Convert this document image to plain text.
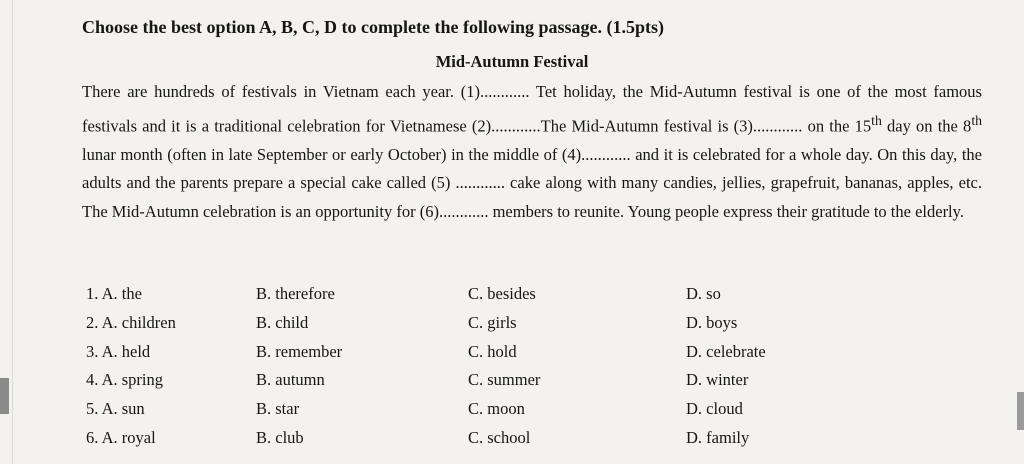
Choose the best option A, B, C, D to complete the following passage. (1.5pts)
Mid-Autumn Festival
There are hundreds of festivals in Vietnam each year. (1)............ Tet holiday, the Mid-Autumn festival is one of the most famous festivals and it is a traditional celebration for Vietnamese (2)............The Mid-Autumn festival is (3)............ on the 15th day on the 8th lunar month (often in late September or early October) in the middle of (4)............ and it is celebrated for a whole day. On this day, the adults and the parents prepare a special cake called (5) ............ cake along with many candies, jellies, grapefruit, bananas, apples, etc. The Mid-Autumn celebration is an opportunity for (6)............ members to reunite. Young people express their gratitude to the elderly.
1. A. the	B. therefore	C. besides	D. so
2. A. children	B. child	C. girls	D. boys
3. A. held	B. remember	C. hold	D. celebrate
4. A. spring	B. autumn	C. summer	D. winter
5. A. sun	B. star	C. moon	D. cloud
6. A. royal	B. club	C. school	D. family
